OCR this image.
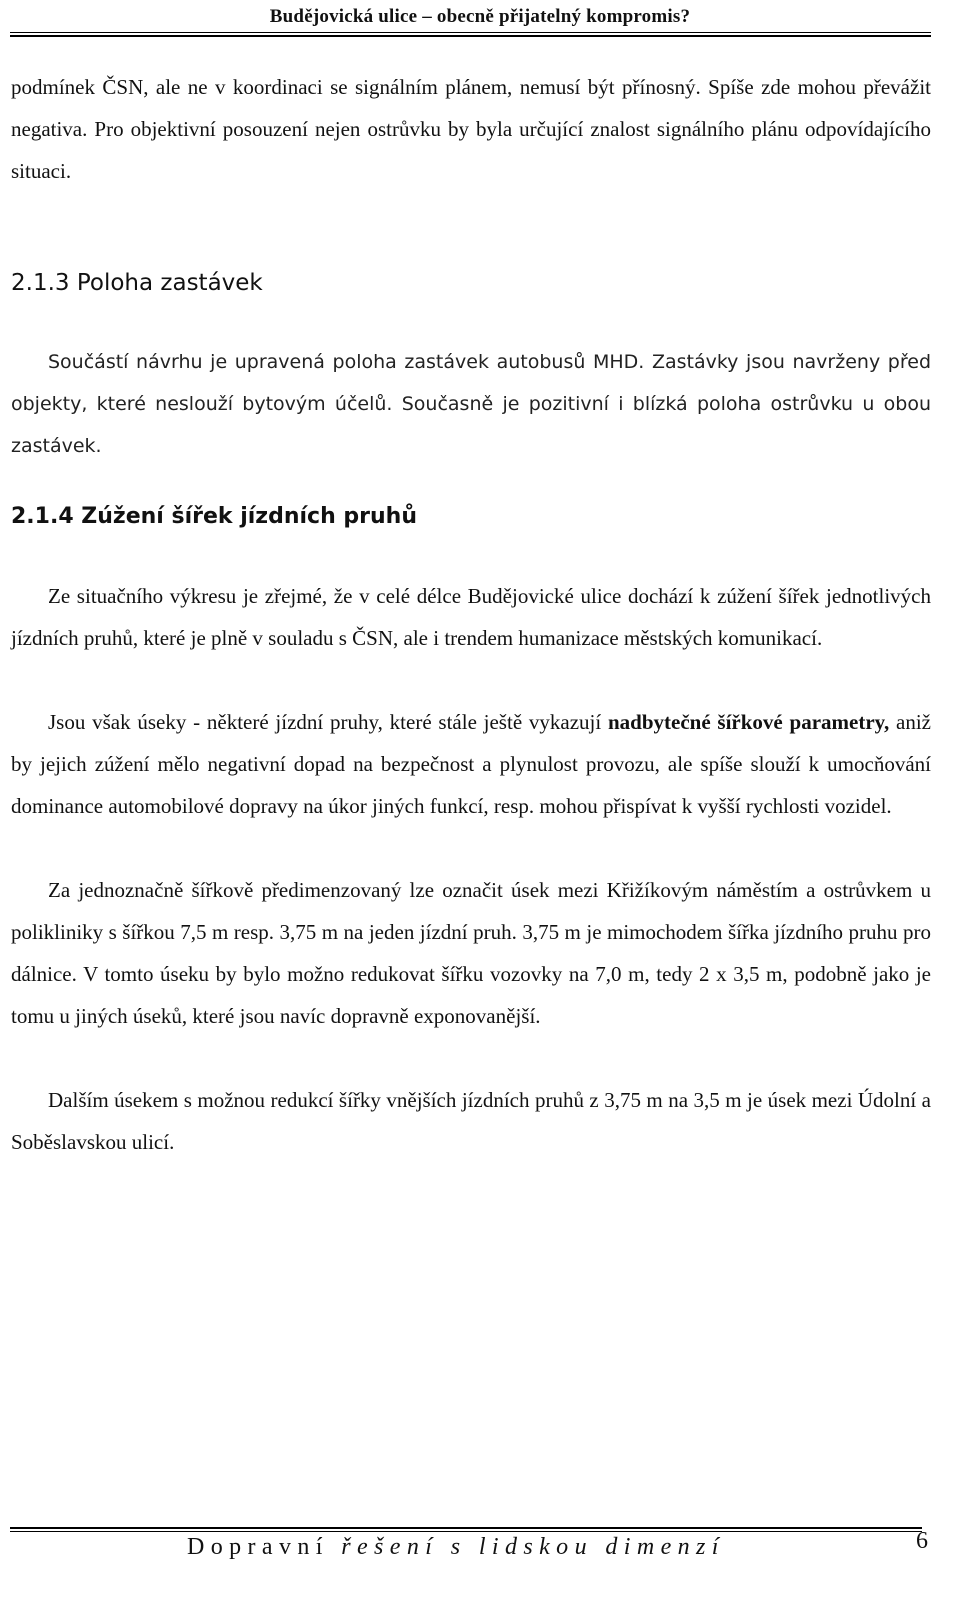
Budějovická ulice – obecně přijatelný kompromis?

podmínek ČSN, ale ne v koordinaci se signálním plánem, nemusí být přínosný. Spíše zde mohou převážit negativa. Pro objektivní posouzení nejen ostrůvku by byla určující znalost signálního plánu odpovídajícího situaci.

2.1.3 Poloha zastávek

Součástí návrhu je upravená poloha zastávek autobusů MHD. Zastávky jsou navrženy před objekty, které neslouží bytovým účelů. Současně je pozitivní i blízká poloha ostrůvku u obou zastávek.

2.1.4 Zúžení šířek jízdních pruhů

Ze situačního výkresu je zřejmé, že v celé délce Budějovické ulice dochází k zúžení šířek jednotlivých jízdních pruhů, které je plně v souladu s ČSN, ale i trendem humanizace městských komunikací.

Jsou však úseky - některé jízdní pruhy, které stále ještě vykazují nadbytečné šířkové parametry, aniž by jejich zúžení mělo negativní dopad na bezpečnost a plynulost provozu, ale spíše slouží k umocňování dominance automobilové dopravy na úkor jiných funkcí, resp. mohou přispívat k vyšší rychlosti vozidel.

Za jednoznačně šířkově předimenzovaný lze označit úsek mezi Křižíkovým náměstím a ostrůvkem u polikliniky s šířkou 7,5 m resp. 3,75 m na jeden jízdní pruh. 3,75 m je mimochodem šířka jízdního pruhu pro dálnice. V tomto úseku by bylo možno redukovat šířku vozovky na 7,0 m, tedy 2 x 3,5 m, podobně jako je tomu u jiných úseků, které jsou navíc dopravně exponovanější.

Dalším úsekem s možnou redukcí šířky vnějších jízdních pruhů z 3,75 m na 3,5 m je úsek mezi Údolní a Soběslavskou ulicí.

Dopravní řešení s lidskou dimenzí	6
